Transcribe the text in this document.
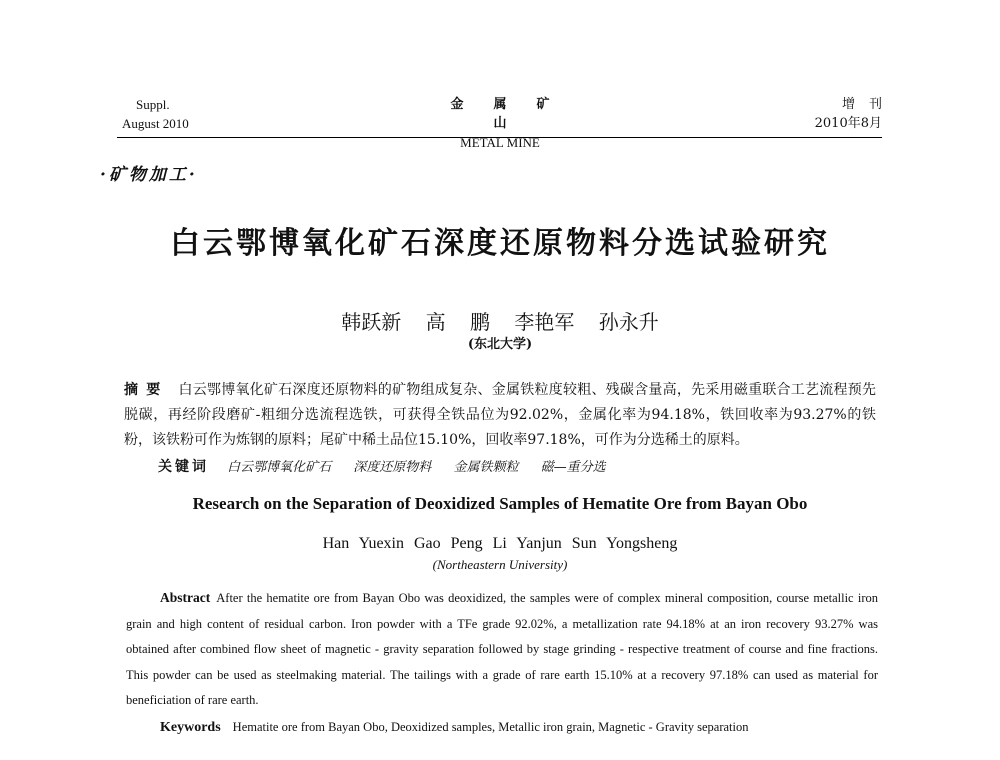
Suppl.
August 2010
金属矿山
METAL MINE
增刊
2010年8月
·矿物加工·
白云鄂博氧化矿石深度还原物料分选试验研究
韩跃新 高 鹏 李艳军 孙永升
(东北大学)
摘要 白云鄂博氧化矿石深度还原物料的矿物组成复杂、金属铁粒度较粗、残碳含量高，先采用磁重联合工艺流程预先脱碳，再经阶段磨矿-粗细分选流程选铁，可获得全铁品位为92.02%，金属化率为94.18%，铁回收率为93.27%的铁粉，该铁粉可作为炼钢的原料；尾矿中稀土品位15.10%，回收率97.18%，可作为分选稀土的原料。
关键词 白云鄂博氧化矿石 深度还原物料 金属铁颗粒 磁—重分选
Research on the Separation of Deoxidized Samples of Hematite Ore from Bayan Obo
Han Yuexin Gao Peng Li Yanjun Sun Yongsheng
(Northeastern University)
Abstract After the hematite ore from Bayan Obo was deoxidized, the samples were of complex mineral composition, course metallic iron grain and high content of residual carbon. Iron powder with a TFe grade 92.02%, a metallization rate 94.18% at an iron recovery 93.27% was obtained after combined flow sheet of magnetic - gravity separation followed by stage grinding - respective treatment of course and fine fractions. This powder can be used as steelmaking material. The tailings with a grade of rare earth 15.10% at a recovery 97.18% can used as material for beneficiation of rare earth.
Keywords Hematite ore from Bayan Obo, Deoxidized samples, Metallic iron grain, Magnetic - Gravity separation
